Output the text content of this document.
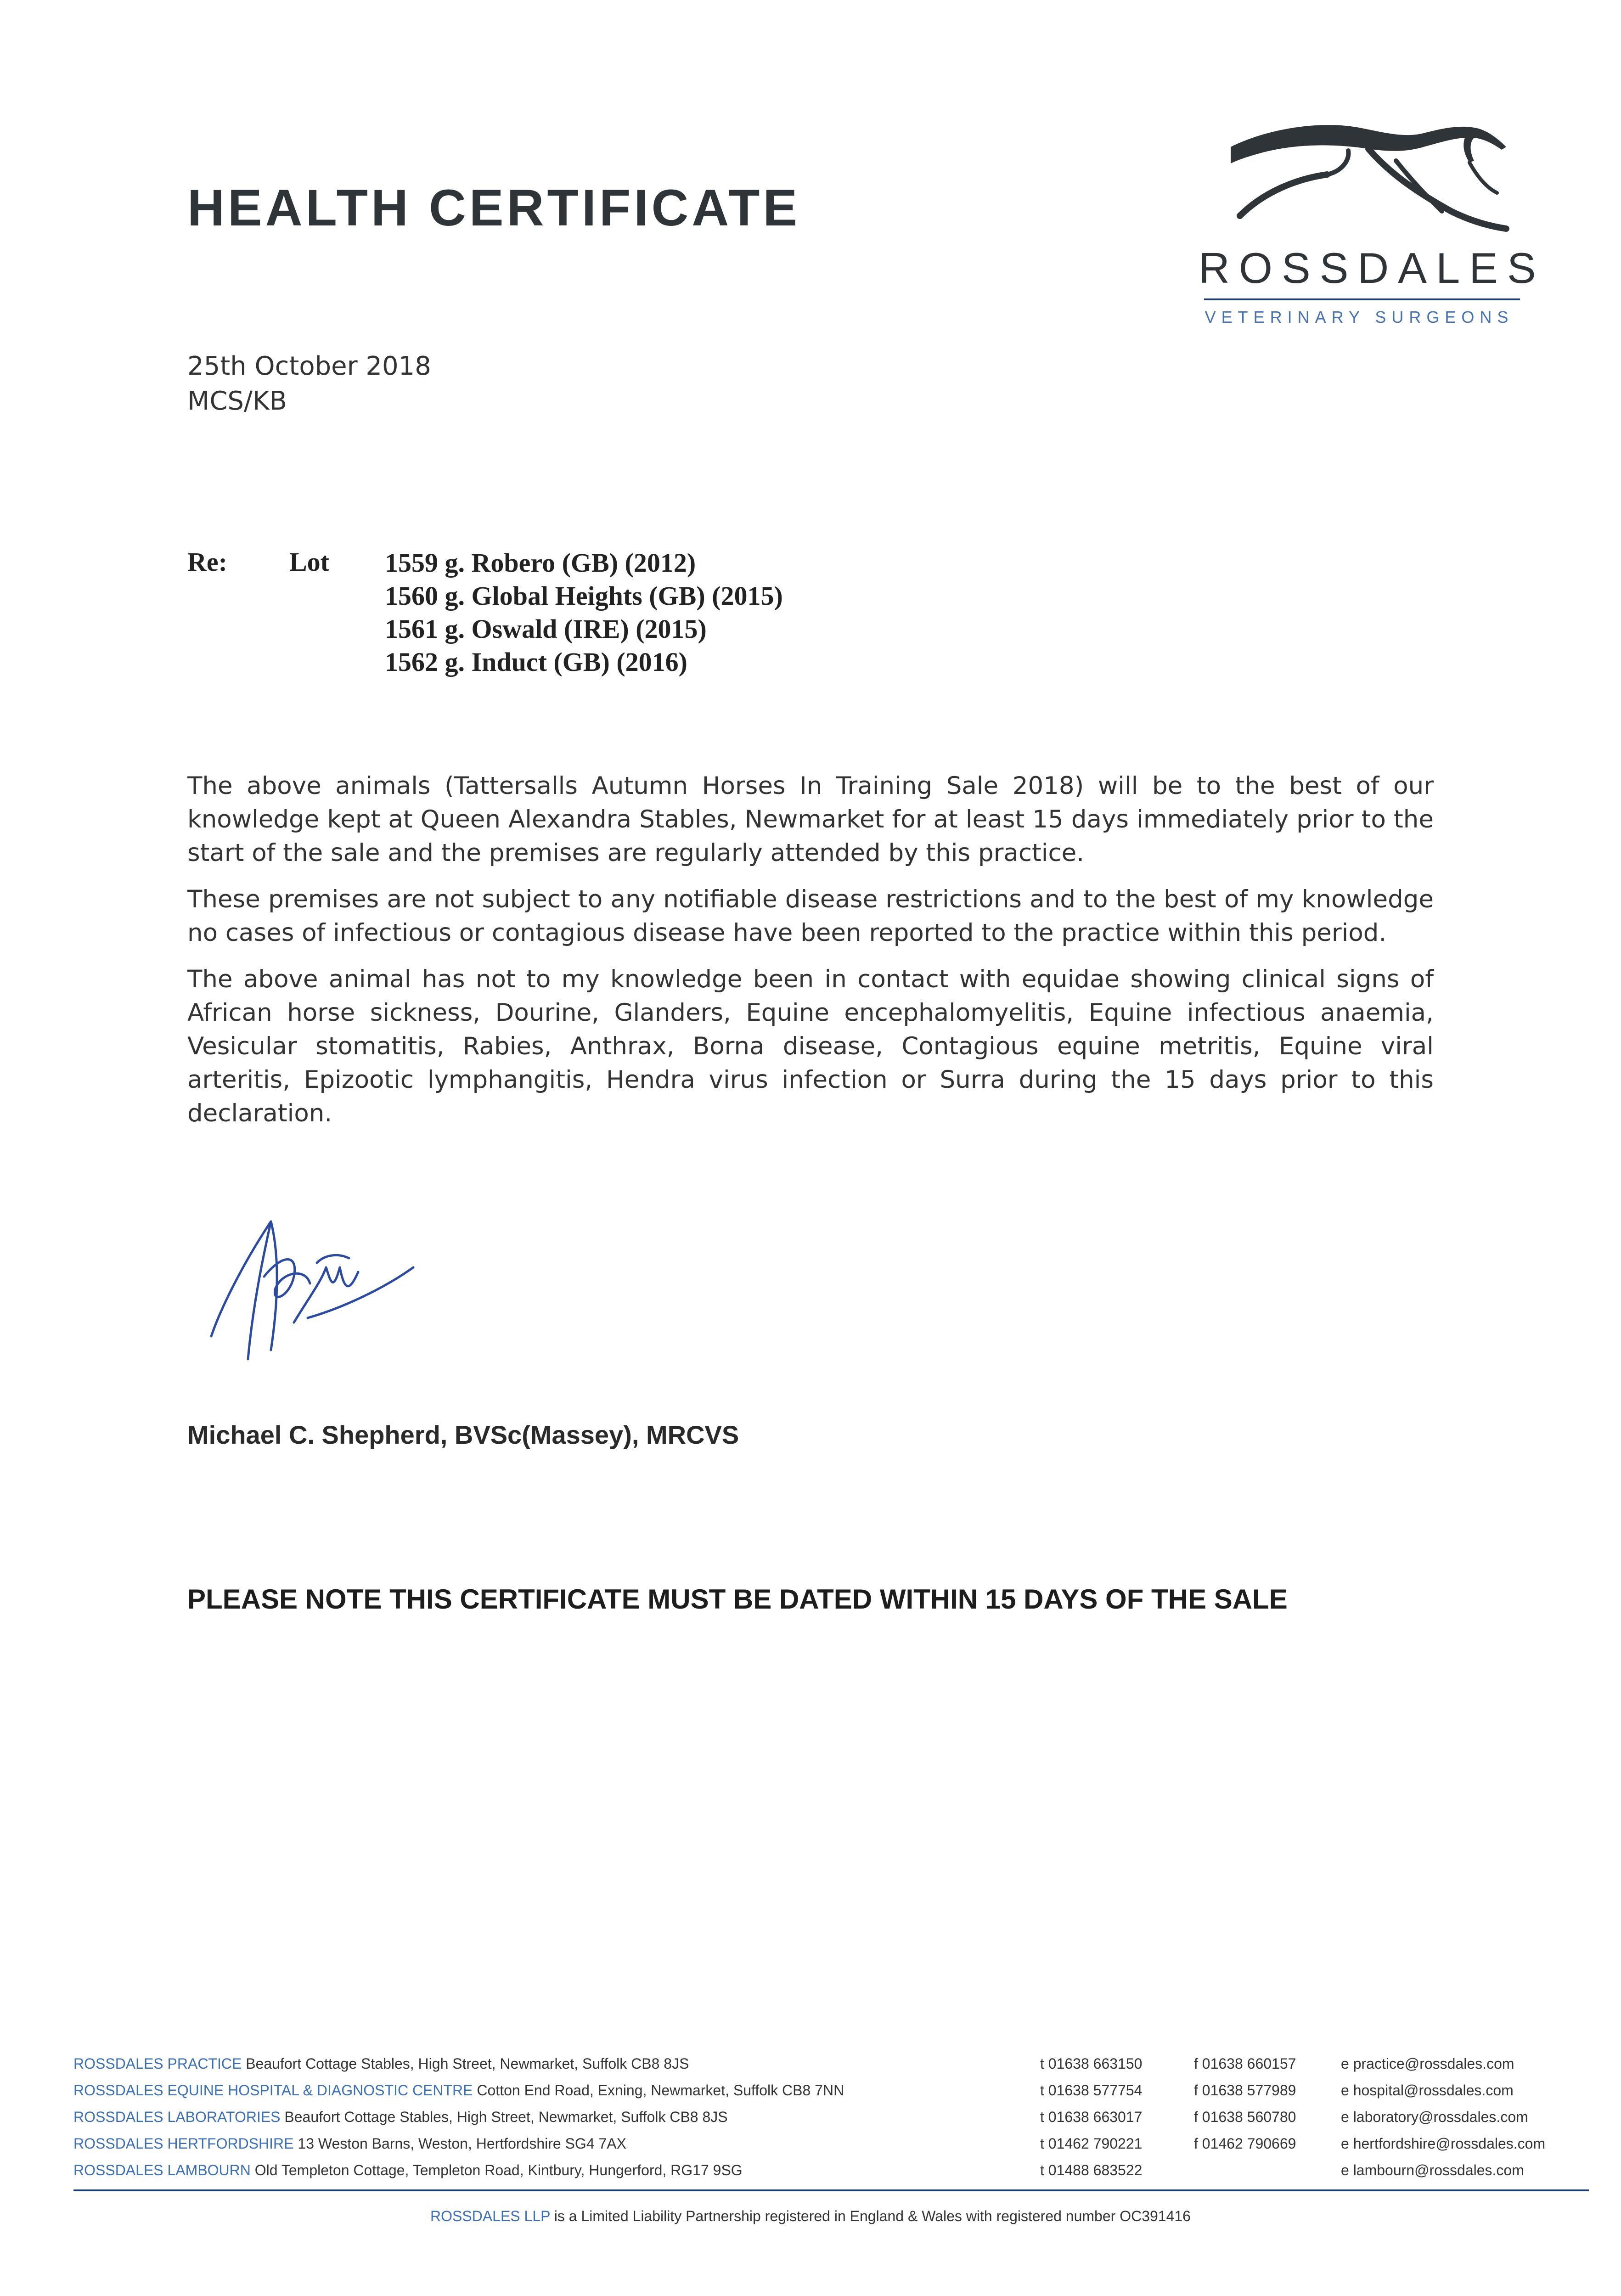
HEALTH CERTIFICATE
ROSSDALES
VETERINARY SURGEONS
25th October 2018
MCS/KB
Re: Lot 1559 g. Robero (GB) (2012)
1560 g. Global Heights (GB) (2015)
1561 g. Oswald (IRE) (2015)
1562 g. Induct (GB) (2016)

The above animals (Tattersalls Autumn Horses In Training Sale 2018) will be to the best of our knowledge kept at Queen Alexandra Stables, Newmarket for at least 15 days immediately prior to the start of the sale and the premises are regularly attended by this practice.

These premises are not subject to any notifiable disease restrictions and to the best of my knowledge no cases of infectious or contagious disease have been reported to the practice within this period.

The above animal has not to my knowledge been in contact with equidae showing clinical signs of African horse sickness, Dourine, Glanders, Equine encephalomyelitis, Equine infectious anaemia, Vesicular stomatitis, Rabies, Anthrax, Borna disease, Contagious equine metritis, Equine viral arteritis, Epizootic lymphangitis, Hendra virus infection or Surra during the 15 days prior to this declaration.

Michael C. Shepherd, BVSc(Massey), MRCVS
PLEASE NOTE THIS CERTIFICATE MUST BE DATED WITHIN 15 DAYS OF THE SALE
ROSSDALES PRACTICE Beaufort Cottage Stables, High Street, Newmarket, Suffolk CB8 8JS	t 01638 663150	f 01638 660157	e practice@rossdales.com
ROSSDALES EQUINE HOSPITAL & DIAGNOSTIC CENTRE Cotton End Road, Exning, Newmarket, Suffolk CB8 7NN	t 01638 577754	f 01638 577989	e hospital@rossdales.com
ROSSDALES LABORATORIES Beaufort Cottage Stables, High Street, Newmarket, Suffolk CB8 8JS	t 01638 663017	f 01638 560780	e laboratory@rossdales.com
ROSSDALES HERTFORDSHIRE 13 Weston Barns, Weston, Hertfordshire SG4 7AX	t 01462 790221	f 01462 790669	e hertfordshire@rossdales.com
ROSSDALES LAMBOURN Old Templeton Cottage, Templeton Road, Kintbury, Hungerford, RG17 9SG	t 01488 683522	e lambourn@rossdales.com
ROSSDALES LLP is a Limited Liability Partnership registered in England & Wales with registered number OC391416
